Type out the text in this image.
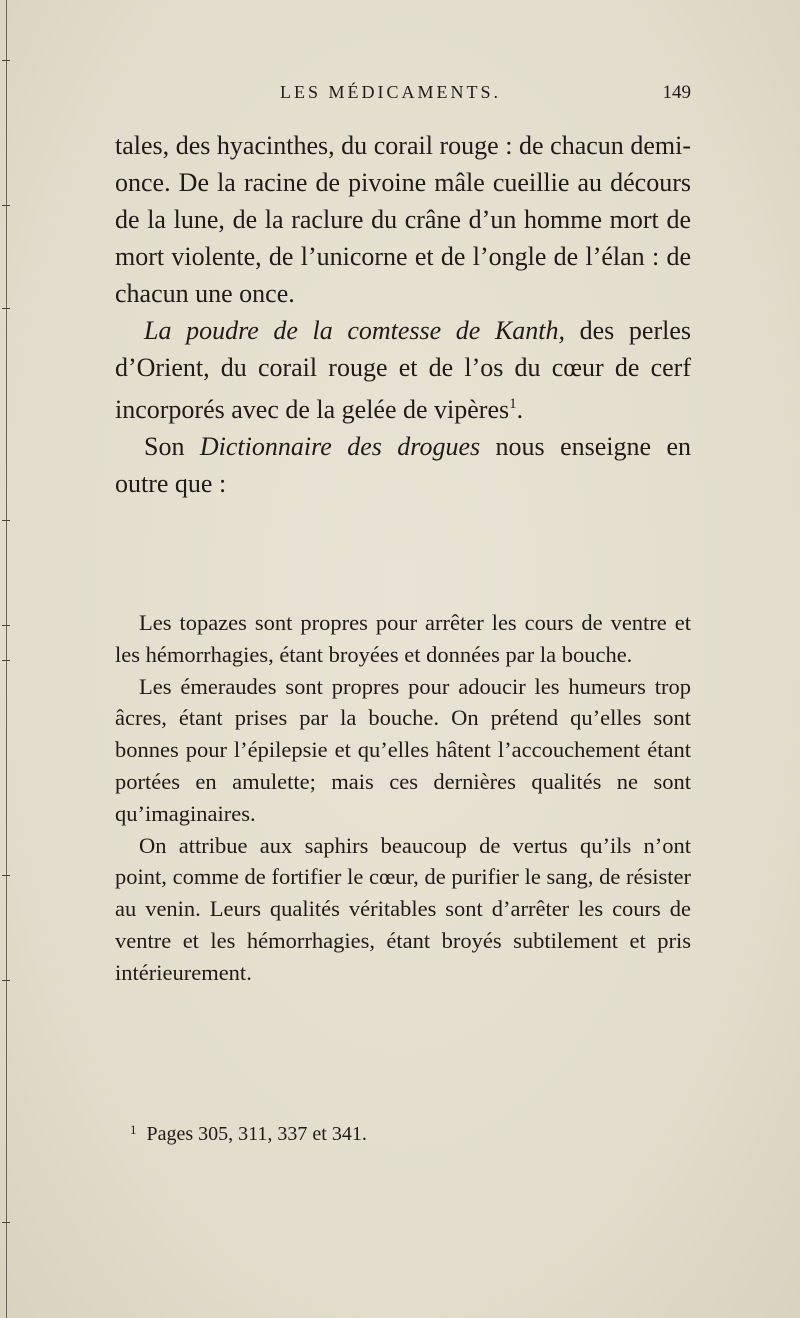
LES MÉDICAMENTS.	149

tales, des hyacinthes, du corail rouge : de chacun demi-once. De la racine de pivoine mâle cueillie au décours de la lune, de la raclure du crâne d’un homme mort de mort violente, de l’unicorne et de l’ongle de l’élan : de chacun une once.

La poudre de la comtesse de Kanth, des perles d’Orient, du corail rouge et de l’os du cœur de cerf incorporés avec de la gelée de vipères$^1$.

Son Dictionnaire des drogues nous enseigne en outre que :

Les topazes sont propres pour arrêter les cours de ventre et les hémorrhagies, étant broyées et données par la bouche.

Les émeraudes sont propres pour adoucir les humeurs trop âcres, étant prises par la bouche. On prétend qu’elles sont bonnes pour l’épilepsie et qu’elles hâtent l’accouchement étant portées en amulette; mais ces dernières qualités ne sont qu’imaginaires.

On attribue aux saphirs beaucoup de vertus qu’ils n’ont point, comme de fortifier le cœur, de purifier le sang, de résister au venin. Leurs qualités véritables sont d’arrêter les cours de ventre et les hémorrhagies, étant broyés subtilement et pris intérieurement.

$^1$ Pages 305, 311, 337 et 341.
